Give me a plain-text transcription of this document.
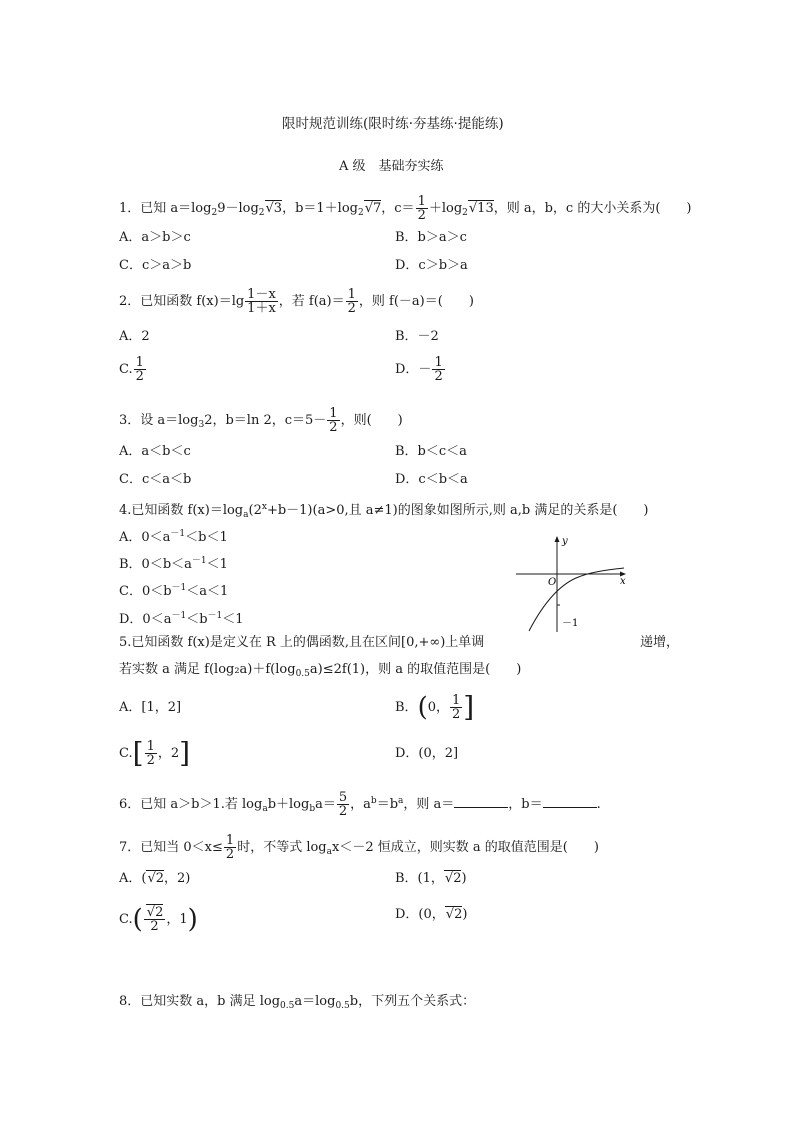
限时规范训练(限时练·夯基练·提能练)
A 级　基础夯实练
1．已知 $a=\log_29-\log_2√3$，$b=1+\log_2√7$，$c= \frac{1}{2} +\log_2√13$，则 a，b，c 的大小关系为(　　)
A．a＞b＞c	B．b＞a＞c
C．c＞a＞b	D．c＞b＞a
2．已知函数 $f(x)=\lg \frac{1-x}{1+x}$ ，若 $f(a)= \frac{1}{2}$ ，则 f(－a)＝(　　)
A．2	B．－2
C. $\frac{1}{2}$	D．－ $\frac{1}{2}$
3．设 $a=\log_32$，b＝ln 2，$c=5- \frac{1}{2}$ ，则(　　)
A．a＜b＜c	B．b＜c＜a
C．c＜a＜b	D．c＜b＜a
4.已知函数 $f(x)=\log_a(2^x+b-1)(a>0$,且 a≠1)的图象如图所示,则 a,b 满足的关系是(　　)
A．$0<a^{-1}<b<1$
B．$0<b<a^{-1}<1$
C．$0<b^{-1}<a<1$
D．$0<a^{-1}<b^{-1}<1$
y
x
O
－1
5.已知函数 f(x)是定义在 R 上的偶函数,且在区间[0,+∞)上单调	递增，
若实数 a 满足 $f(\log_2a)+f(\log_{0.5}a)\le 2f(1)$，则 a 的取值范围是(　　)
A．[1，2]	B．(0， $\frac{1}{2}$ ]
$C.[ \frac{1}{2}$ ，2]	D．(0，2]
6．已知 a＞b＞1.若 $\log_ab+\log_ba= \frac{5}{2}$ ，$a^b=b^a$，则 a＝	，b＝	.
7．已知当 $0<x\le \frac{1}{2}$ 时，不等式 $\log_ax<-2$ 恒成立，则实数 a 的取值范围是(　　)
A．(√2，2)	B．(1，√2)
$C.( \frac{√2}{2}$ ，1)	D．(0，√2)
8．已知实数 a，b 满足 $\log_{0.5}a=\log_{0.5}b$，下列五个关系式：
